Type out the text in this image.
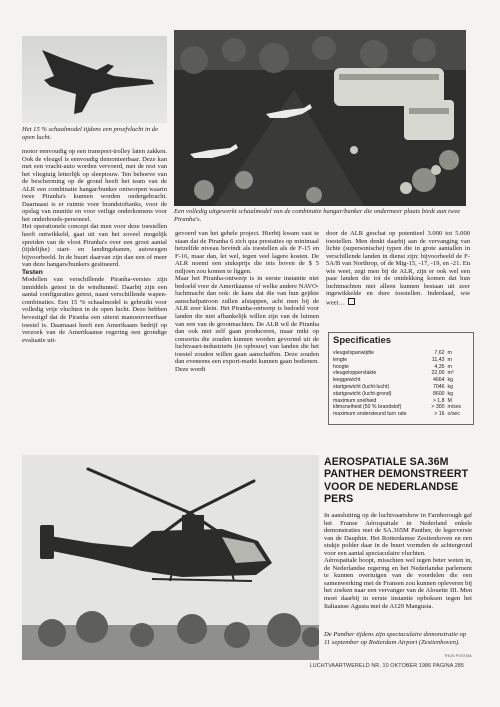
Het 15 % schaalmodel tijdens een proefvlucht in de open lucht.
Een volledig uitgewerkt schaalmodel van de combinatie hangar/bunker die ondermeer plaats biedt aan twee Piranha's.

motor eenvoudig op een transport-trolley laten zakken. Ook de vleugel is eenvoudig demonteerbaar. Deze kan met een vracht-auto worden vervoerd, met de rest van het vliegtuig letterlijk op sleeptouw. Ten behoeve van de bescherming op de grond heeft het team van de ALR een combinatie hangar/bunker ontworpen waarin twee Piranha's kunnen worden ondergebracht. Daarnaast is er ruimte voor brandstoftanks, voor de opslag van munitie en voor veilige onderkomens voor het onderhouds-personeel.

Het operationele concept dat men voor deze toestellen heeft ontwikkeld, gaat uit van het zoveel mogelijk spreiden van de vloot Piranha's over een groot aantal (tijdelijke) start- en landingsbanen, autowegen bijvoorbeeld. In de buurt daarvan zijn dan een of meer van deze hangars/bunkers gesitueerd.

Testen

Modellen van verschillende Piranha-versies zijn inmiddels getest in de windtunnel. Daarbij zijn een aantal configuraties getest, naast verschillende wapen-combinaties. Een 15 % schaalmodel is gebruikt voor volledig vrije vluchten in de open lucht. Deze hebben bevestigd dat de Piranha een uiterst manoeuvreerbaar toestel is. Daarnaast heeft een Amerikaans bedrijf op verzoek van de Amerikaanse regering een grondige evaluatie uit-

gevoerd van het gehele project. Hierbij kwam vast te staan dat de Piranha 6 zich qua prestaties op minimaal hetzelfde niveau bevindt als toestellen als de F-15 en F-16, maar dan, let wel, tegen veel lagere kosten. De ALR noemt een stuksprijs die iets boven de $ 5 miljoen zou komen te liggen.

Maar het Piranha-ontwerp is in eerste instantie niet bedoeld voor de Amerikaanse of welke andere NAVO-luchtmacht dan ook: de kans dat die van hun gejikte aanschafpatroon zullen afstappen, acht men bij de ALR zeer klein. Het Piranha-ontwerp is bedoeld voor landen die niet afhankelijk willen zijn van de luimen van een van de grootmachten. De ALR wil de Piranha dan ook niet zelf gaan produceren, maar mikt op consortia die zouden kunnen worden gevormd uit de luchtvaart-industrieën (in opbouw) van landen die het toestel zouden willen gaan aanschaffen. Deze zouden dan eveneens een export-markt kunnen gaan bedienen. Deze wordt

door de ALR geschat op potentieel 3.000 tot 5.000 toestellen. Men denkt daarbij aan de vervanging van lichte (supersonische) typen die in grote aantallen in verschillende landen in dienst zijn: bijvoorbeeld de F-5A/B van Northrop, of de Mig-15, -17, -19, en -21. En wie weet, zegt men bij de ALR, zijn er ook wel een paar landen die tot de ontdekking komen dat hun luchtmachten niet alleen kunnen bestaan uit zeer ingewikkelde en dure toestellen. Inderdaad, wie weet…

Specificaties
vleugelspanwijdte	7,62 m
lengte	11,43 m
hoogte	4,35 m
vleugeloppervlakte	22,00 m²
leeggewicht	4664 kg
startgewicht (lucht-lucht)	7046 kg
startgewicht (lucht-grond)	8600 kg
maximum snelheid	> 1,8 M
klimsnelheid (50 % brandstof)	> 300 m/sec
maximum ondersteund turn rate	> 16 o/sec
AEROSPATIALE SA.36M PANTHER DEMONSTREERT VOOR DE NEDERLANDSE PERS

In aansluiting op de luchtvaartshow in Farnborough gaf het Franse Aérospatiale in Nederland enkele demonstraties met de SA.365M Panther, de legerversie van de Dauphin. Het Rotterdamse Zestienhoven en een stukje polder daar in de buurt vormden de achtergrond voor een aantal spectaculaire vluchten.

Aérospatiale hoopt, misschien wel tegen beter weten in, de Nederlandse regering en het Nederlandse parlement te kunnen overtuigen van de voordelen die een samenwerking met de Fransen zou kunnen opleveren bij het zoeken naar een vervanger van de Alouette III. Men moet daarbij in eerste instantie opboksen tegen het Italiaanse Agusta met de A129 Mangusta.

De Panther tijdens zijn spectaculaire demonstratie op 11 september op Rotterdam Airport (Zestienhoven).
THIJS POSTMA
LUCHTVAARTWERELD NR. 10 OKTOBER 1986 PAGINA 285
